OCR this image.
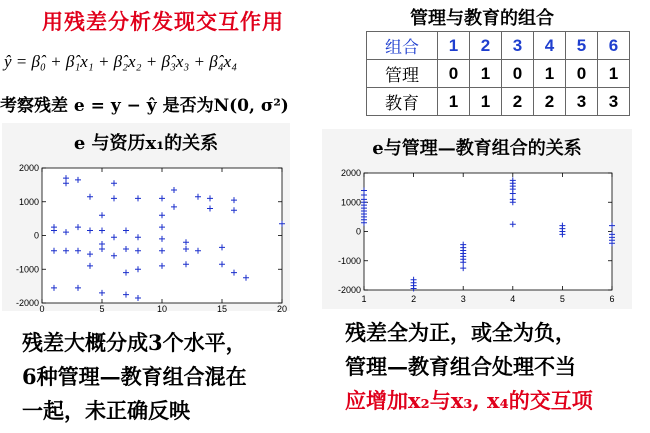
用残差分析发现交互作用
ŷ = β̂₀ + β̂₁x₁ + β̂₂x₂ + β̂₃x₃ + β̂₄x₄
考察残差 e = y − ŷ 是否为N(0, σ²)
管理与教育的组合
组合	1	2	3	4	5	6
管理	0	1	0	1	0	1
教育	1	1	2	2	3	3
e 与资历x₁的关系
2000
1000
0
-1000
-2000
0	5	10	15	20
e与管理—教育组合的关系
2000
1000
0
-1000
-2000
1	2	3	4	5	6
残差大概分成3个水平，
6种管理—教育组合混在
一起，未正确反映
残差全为正，或全为负，
管理—教育组合处理不当
应增加x₂与x₃, x₄的交互项
